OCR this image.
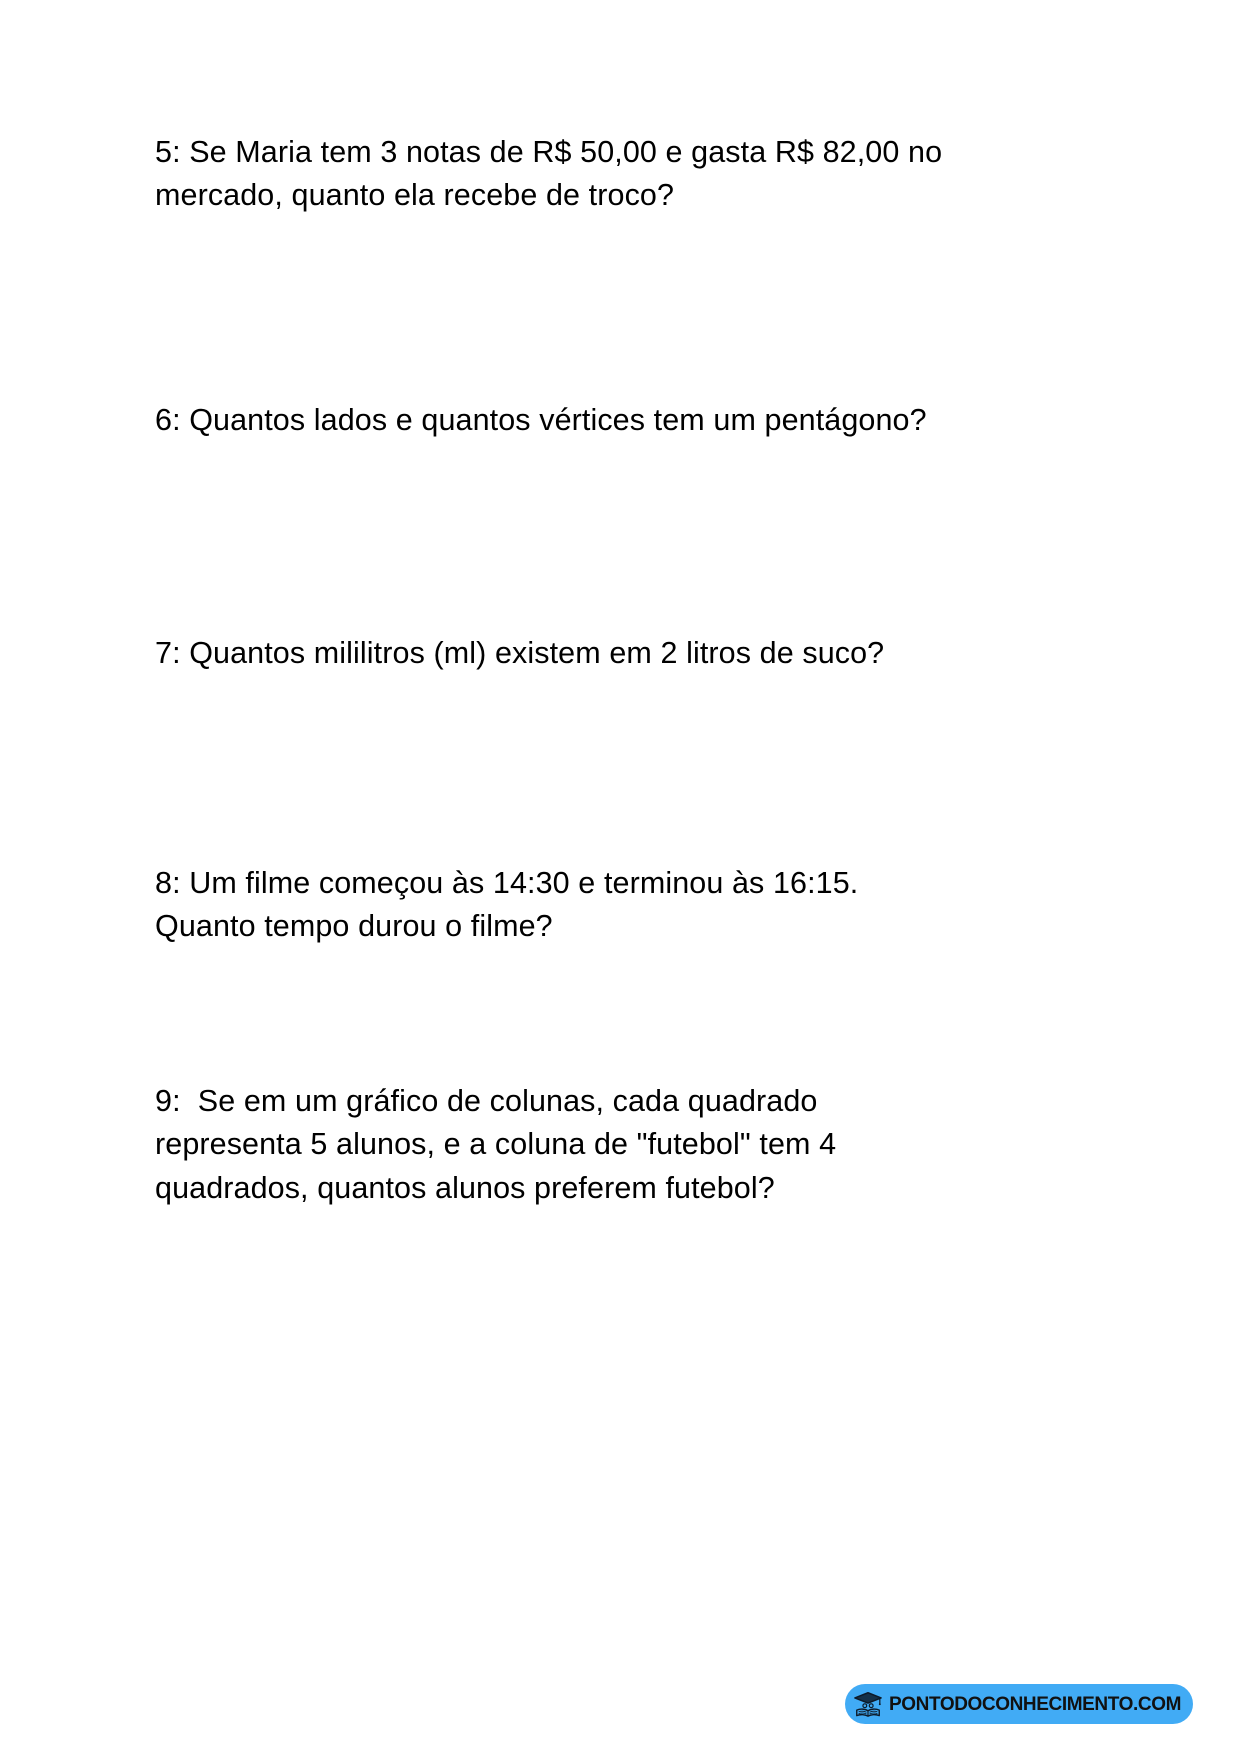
5: Se Maria tem 3 notas de R$ 50,00 e gasta R$ 82,00 no mercado, quanto ela recebe de troco?
6: Quantos lados e quantos vértices tem um pentágono?
7: Quantos mililitros (ml) existem em 2 litros de suco?
8: Um filme começou às 14:30 e terminou às 16:15. Quanto tempo durou o filme?
9:  Se em um gráfico de colunas, cada quadrado representa 5 alunos, e a coluna de "futebol" tem 4 quadrados, quantos alunos preferem futebol?
PONTODOCONHECIMENTO.COM
